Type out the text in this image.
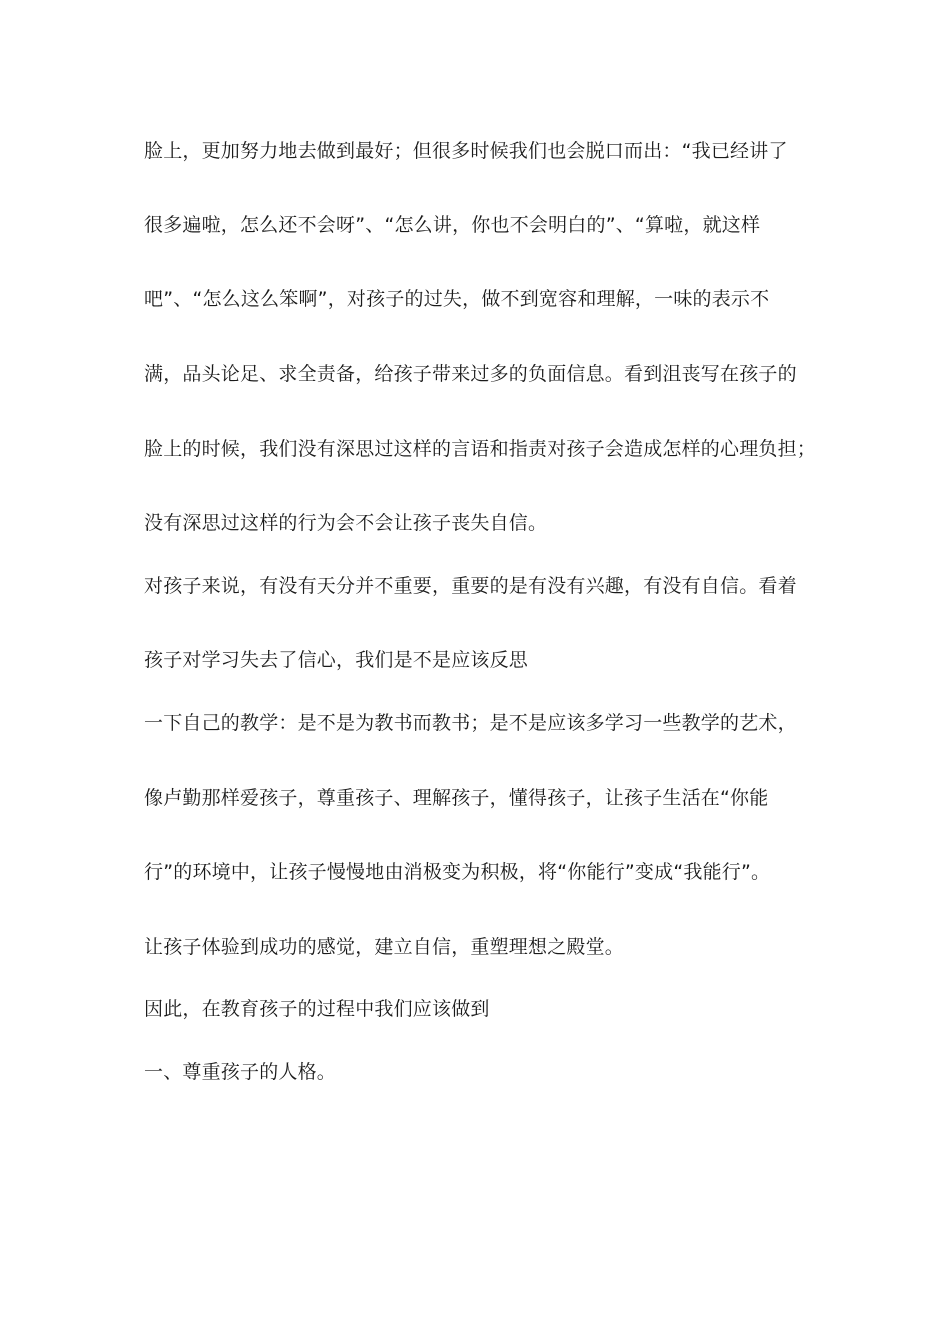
脸上，更加努力地去做到最好；但很多时候我们也会脱口而出：“我已经讲了
很多遍啦，怎么还不会呀”、“怎么讲，你也不会明白的”、“算啦，就这样
吧”、“怎么这么笨啊”，对孩子的过失，做不到宽容和理解，一味的表示不
满，品头论足、求全责备，给孩子带来过多的负面信息。看到沮丧写在孩子的
脸上的时候，我们没有深思过这样的言语和指责对孩子会造成怎样的心理负担；
没有深思过这样的行为会不会让孩子丧失自信。
对孩子来说，有没有天分并不重要，重要的是有没有兴趣，有没有自信。看着
孩子对学习失去了信心，我们是不是应该反思
一下自己的教学：是不是为教书而教书；是不是应该多学习一些教学的艺术，
像卢勤那样爱孩子，尊重孩子、理解孩子，懂得孩子，让孩子生活在“你能
行”的环境中，让孩子慢慢地由消极变为积极，将“你能行”变成“我能行”。
让孩子体验到成功的感觉，建立自信，重塑理想之殿堂。
因此，在教育孩子的过程中我们应该做到
一、尊重孩子的人格。
